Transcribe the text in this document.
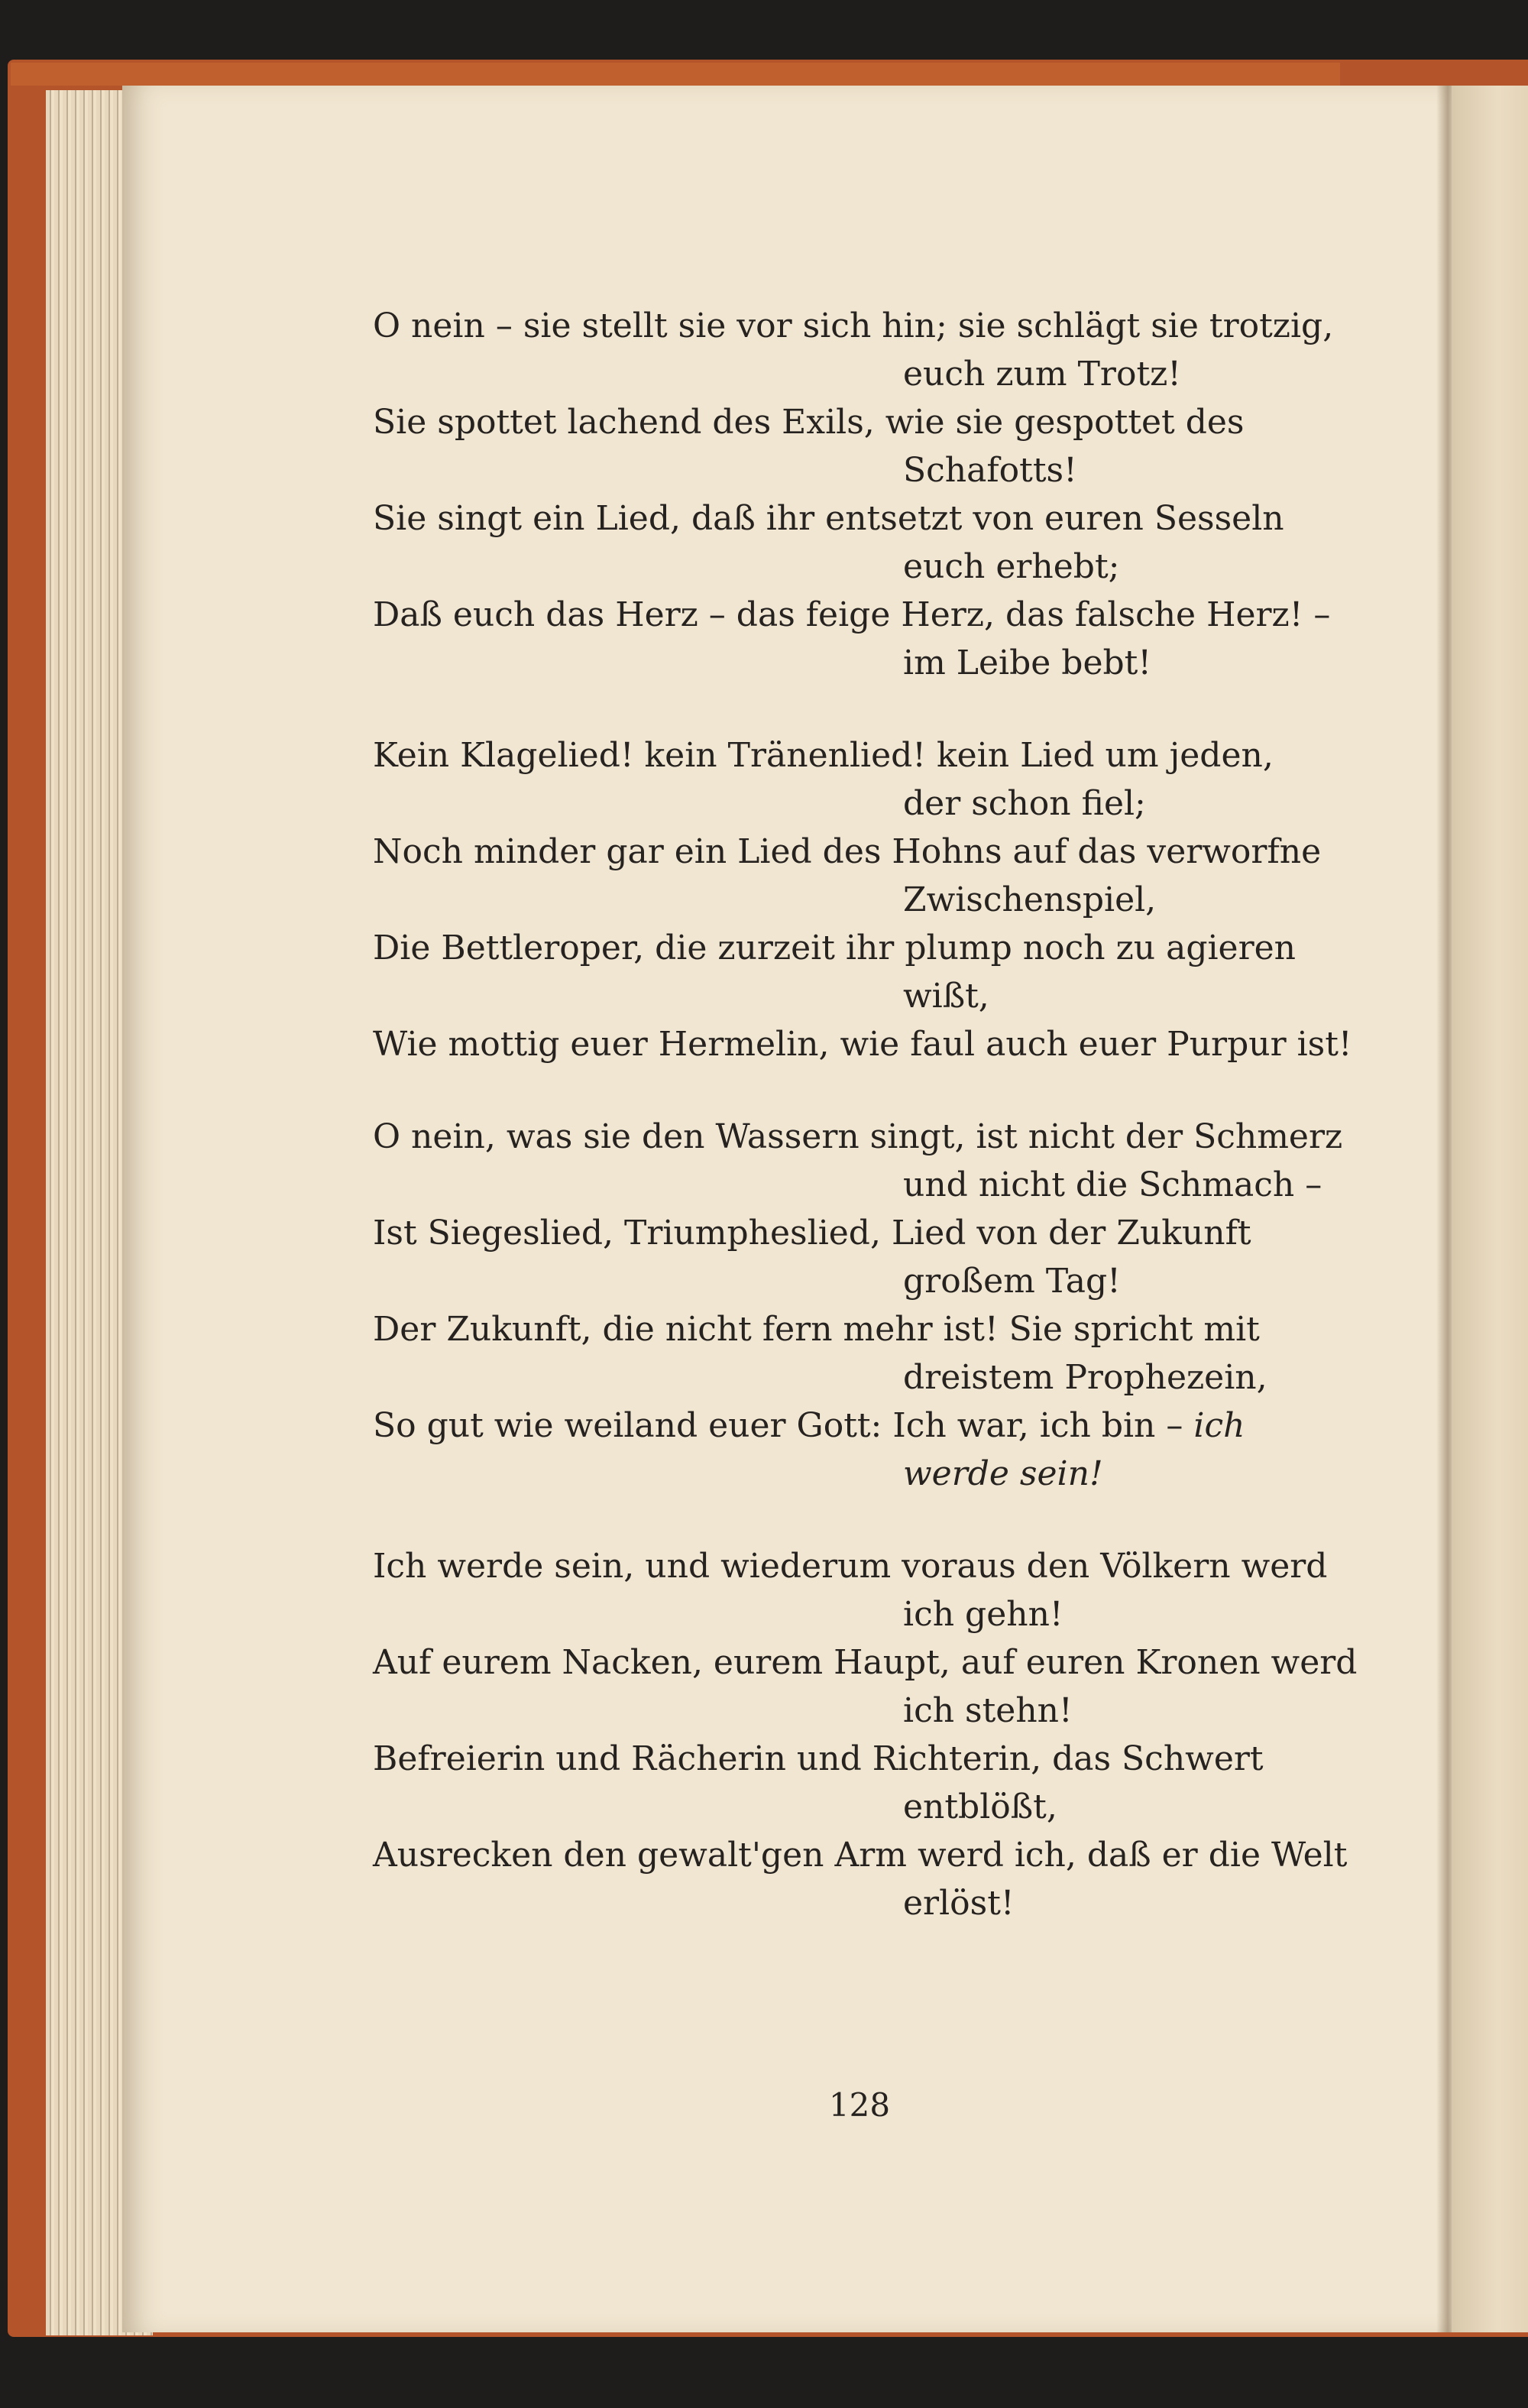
O nein – sie stellt sie vor sich hin; sie schlägt sie trotzig,
euch zum Trotz!
Sie spottet lachend des Exils, wie sie gespottet des
Schafotts!
Sie singt ein Lied, daß ihr entsetzt von euren Sesseln
euch erhebt;
Daß euch das Herz – das feige Herz, das falsche Herz! –
im Leibe bebt!
Kein Klagelied! kein Tränenlied! kein Lied um jeden,
der schon fiel;
Noch minder gar ein Lied des Hohns auf das verworfne
Zwischenspiel,
Die Bettleroper, die zurzeit ihr plump noch zu agieren
wißt,
Wie mottig euer Hermelin, wie faul auch euer Purpur ist!
O nein, was sie den Wassern singt, ist nicht der Schmerz
und nicht die Schmach –
Ist Siegeslied, Triumpheslied, Lied von der Zukunft
großem Tag!
Der Zukunft, die nicht fern mehr ist! Sie spricht mit
dreistem Prophezein,
So gut wie weiland euer Gott: Ich war, ich bin – ich
werde sein!
Ich werde sein, und wiederum voraus den Völkern werd
ich gehn!
Auf eurem Nacken, eurem Haupt, auf euren Kronen werd
ich stehn!
Befreierin und Rächerin und Richterin, das Schwert
entblößt,
Ausrecken den gewalt'gen Arm werd ich, daß er die Welt
erlöst!
128
